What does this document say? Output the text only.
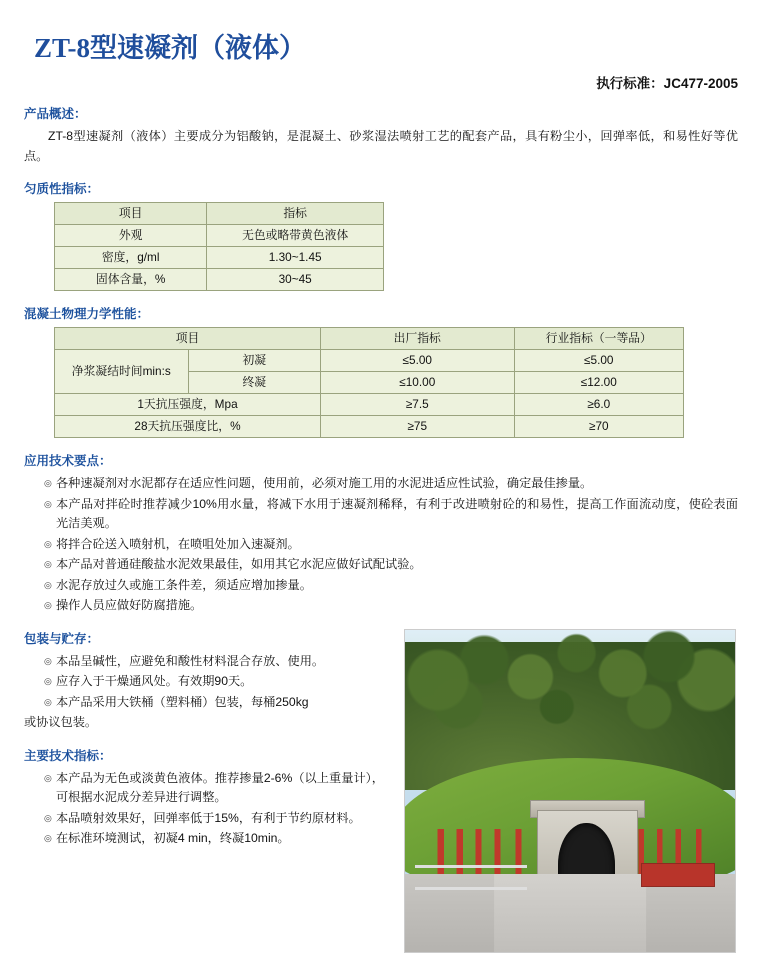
ZT-8型速凝剂（液体）
执行标准：JC477-2005
产品概述：

ZT-8型速凝剂（液体）主要成分为铝酸钠，是混凝土、砂浆湿法喷射工艺的配套产品，具有粉尘小，回弹率低，和易性好等优点。

匀质性指标：
项目	指标
外观	无色或略带黄色液体
密度，g/ml	1.30~1.45
固体含量，%	30~45
混凝土物理力学性能：
项目		出厂指标	行业指标（一等品）
净浆凝结时间min:s	初凝	≤5.00	≤5.00
	终凝	≤10.00	≤12.00
1天抗压强度，Mpa		≥7.5	≥6.0
28天抗压强度比，%		≥75	≥70
应用技术要点：
◎ 各种速凝剂对水泥都存在适应性问题，使用前，必须对施工用的水泥进适应性试验，确定最佳掺量。
◎ 本产品对拌砼时推荐减少10%用水量，将减下水用于速凝剂稀释，有利于改进喷射砼的和易性，提高工作面流动度，使砼表面光洁美观。
◎ 将拌合砼送入喷射机，在喷咀处加入速凝剂。
◎ 本产品对普通硅酸盐水泥效果最佳，如用其它水泥应做好试配试验。
◎ 水泥存放过久或施工条件差，须适应增加掺量。
◎ 操作人员应做好防腐措施。
包装与贮存：
◎ 本品呈碱性，应避免和酸性材料混合存放、使用。
◎ 应存入于干燥通风处。有效期90天。
◎ 本产品采用大铁桶（塑料桶）包装，每桶250kg

或协议包装。

主要技术指标：
◎ 本产品为无色或淡黄色液体。推荐掺量2-6%（以上重量计），可根据水泥成分差异进行调整。
◎ 本品喷射效果好，回弹率低于15%，有利于节约原材料。
◎ 在标准环境测试，初凝4 min，终凝10min。
